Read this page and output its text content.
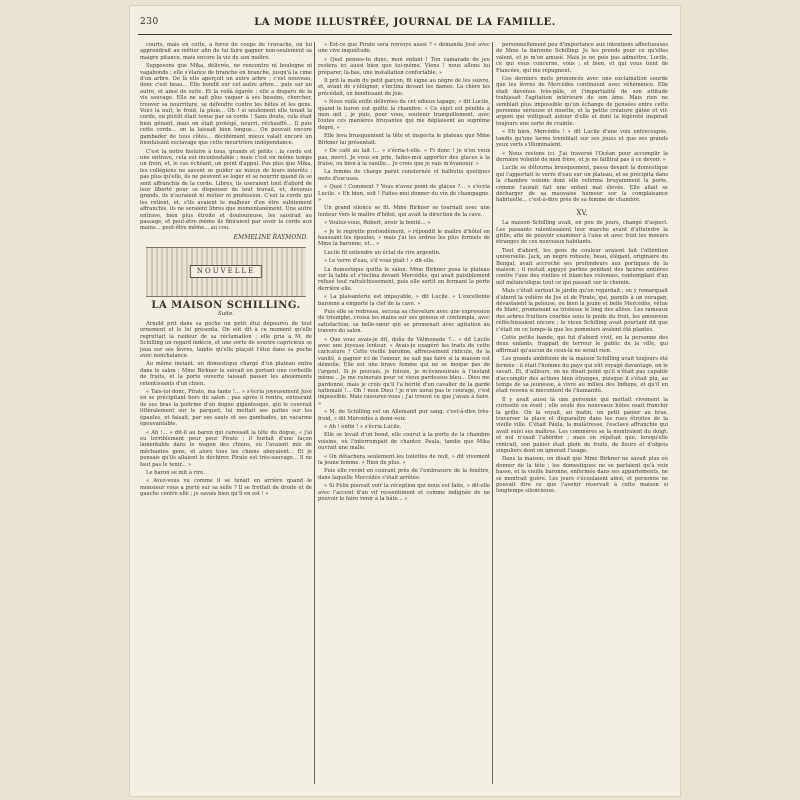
230	LA MODE ILLUSTRÉE, JOURNAL DE LA FAMILLE.

courts, mais en cotte, à force de coups de cravache, on lui apprendrait au mêtier afin de lui faire gagner non-seulement sa maigre pitance, mais encore la vie de son maître.

Supposons que Mika, délivrée, ne rencontre ni boulogne ni vagabonds ; elle s'élance de branche en branche, jusqu'à la cime d'un arbre. De là elle aperçoit un autre arbre ; c'est nouveau, donc c'est beau... Elle bondit sur cet autre arbre... puis sur un autre, et ainsi de suite. Et la voilà égarée ; elle a disparu de la vie sauvage. Elle ne sait plus vaquer à ses besoins, chercher, trouver sa nourriture, se défendre contre les bêtes et les gens. Voici la nuit, le froid, la pluie... Oh ! si seulement elle tenait la corde, ou plutôt était tenue par sa corde ! Sans doute, cela était bien gênant, mais on était protégé, nourri, réchauffé... Il puis cette corde... on la laissait bien longue... On pouvait encore gambader de tous côtés... décidément mieux valait encore un bienfaisant esclavage que cette meurtrière indépendance.

C'est la notre histoire à tous, grands et petits : la corde est une entrave, cela est incontestable ; mais c'est en même temps un frein, et, le cas échéant, un point d'appui. Pas plus que Mika, les collégiens ne savent se guider au mieux de leurs intérêts ; pas plus qu'elle, ils ne peuvent se loger et se nourrir quand ils se sont affranchis de la corde. Libres, ils useraient tout d'abord de leur liberté pour se dispenser de tout travail, et, devenus grands, ils n'auraient ni métier ni profession. C'est la corde qui les retient, et, s'ils avaient le malheur d'en être subitement affranchis, ils ne seraient libres que momentanément. Une autre entrave, bien plus étroite et douloureuse, les saisirait au passage, et peut-être même ils finiraient par avoir la corde aux mains... peut-être même... au cou.

EMMELINE RAYMOND.
NOUVELLE
LA MAISON SCHILLING.
Suite.

Arnold prit dans sa poche un petit étui dépourvu de tout ornement et le lui présenta. On eût dit à ce moment qu'elle regrettait la raideur de sa réclamation ; elle pria à M. de Schilling un regard indécis, et une sorte de sourire capricieux se joua sur ses lèvres, tandis qu'elle plaçait l'étui dans sa poche avec nonchalance.

Au même instant, un domestique chargé d'un plateau entra dans le salon ; Mme Birkner le suivait en portant une corbeille de fruits, et la porte ouverte laissait passer les aboiements retentissants d'un chien.

« Tais-toi donc, Pirate, ma tante !... » s'écria joyeusement José en se précipitant hors du salon ; pas après il rentra, entourant de ses bras la poitrine d'un dogue gigantesque, qui le couvrait littéralement sur le parquet, lui mettait ses pattes sur les épaules, et faisait, par ses sauts et ses gambades, un vacarme épouvantable.

« Ah !... » dit-il au baron qui caressait la tête du dogue, « j'ai eu terriblement peur pour Pirate ; il hurlait d'une façon lamentable dans le wagon des chiens, où l'avaient mis de méchantes gens, et alors tous les chiens aboyaient... Et je pensais qu'ils allaient le déchirer. Pirate est très-sauvage... Il ne faut pas le tenir... »

Le baron se mit à rire.

« Avez-vous vu comme il se tenait en arrière quand le monsieur vous a porté sur sa selle ? Il se frottait de droite et de gauche contre elle ; je savais bien qu'il en est ! »

« Est-ce que Pirate sera renvoyé aussi ? » demanda José avec une vive inquiétude.

« Quel penses-tu donc, mon enfant ! Ton camarade de jeu restera ici aussi bien que toi-même. Viens ! nous allons lui préparer, là-bas, une installation confortable. »

Il prit la main du petit garçon, fit signe au nègre de les suivre, et, avant de s'éloigner, s'inclina devant les dames. La chère les précédait, en bondissant de joie.

« Nous voilà enfin délivrées de cet odieux tapage, » dit Lucile, quand le baron eut quitté la chambre. « Ce sujet est pénible à mon œil ; je puis, pour vous, soutenir tranquillement, avec toutes ces manières bruyantes qui me déplaisent au suprême degré, »

Elle leva brusquement la tête et inspecta le plateau que Mme Birkner lui présentait.

« De café au lait !... » s'écria-t-elle. « Fi donc ! je n'en veux pas, merci. Je vous en prie, faites-moi apporter des glaces à la fraise, ou bien à la vanille... Je crois que je vais m'évanouir. »

La femme de charge parut consternée et balbutia quelques mots d'excuses.

« Quoi ! Comment ? Vous n'avez point de glaces ?... » s'écria Lucile. « Eh bien, soit ! Faites-moi donner du vin de champagne. »

Un grand silence se fit. Mme Birkner se tournait avec une lenteur vers le maître d'hôtel, qui avait la direction de la cave.

« Voulez-vous, Robert, avoir la bonté... »

« Je le regrette profondément, » répondit le maître d'hôtel en haussant les épaules, « mais j'ai les ordres les plus formels de Mme la baronne, et... »

Lucile fit entendre un éclat de rire argentin.

« Le verre d'eau, s'il vous plaît ! » dit-elle.

La domestique quitta le salon. Mme Birkner posa le plateau sur la table et s'inclina devant Mercédès, qui avait paisiblement refusé tout rafraîchissement, puis elle sortit en fermant la porte derrière elle.

« La plaisanterie est impayable, » dit Lucile. « L'excellente baronne a emporté la clef de la cave. »

Puis elle se redressa, secoua sa chevelure avec une expression de triomphe, croisa les mains sur ses genoux et contempla, avec satisfaction, sa belle-sœur qui se promenait avec agitation au travers du salon.

« Que vous avais-je dit, doña de Valmonade ?... » dit Lucile avec une joyeuse lenteur. « Avais-je exagéré les traits de cette caricature ? Cette vieille baronne, affreusement ridicule, de la vanité, à gagner ici de l'amour, ne sait pas faire si la maison est démolie. Elle est une brave femme qui ne se moque pas de l'argent. Si je pouvais, je fuirais, je m'évanouirais à l'instant même... Je me ruinerais pour ce vieux pardessus bleu... Dieu me pardonne, mais je crois qu'il l'a hérité d'un cavalier de la garde nationale !... Oh ! mon Dieu ! je n'en aurai pas le courage, c'est impossible. Mais rassurez-vous ; j'ai trouvé ce que j'avais à faire. »

« M. de Schilling est un Allemand pur sang, c'est-à-dire très-froid, » dit Mercédès à demi-voix.

« Ah ! enfin ! » s'écria Lucile.

Elle se levait d'un bond, elle courut à la porte de la chambre voisine, où l'interrompait de chanter. Paula, tandis que Mika ouvrait une malle.

« On détachera seulement les toilettes de nuit, » dit vivement la jeune femme. « Rien de plus. »

Puis elle revint en courant près de l'embrasure de la fenêtre, dans laquelle Mercédès s'était arrêtée.

« Si Félix pouvait voir la réception qui nous est faite, » dit-elle avec l'accent d'un vif ressentiment et comme indignée de ne pouvoir le faire venir à la hâte... »

personnellement peu d'importance aux intentions affectueuses de Mme la baronne Schilling. Je les prends pour ce qu'elles valent, et je m'en amuse. Mais je ne puis pas admettre, Lucile, ce qui vous concerne, vous ; et bien, et qui vous tient de Fiancées, qui me répugnent.

Ces derniers mots prononcés avec une exclamation sourde que les lèvres de Mercédès continuent avec véhémence. Elle était devenue très-pâle, et l'impartialité de son attitude trahissait l'agitation intérieure de son âme. Mais rien ne semblait plus impossible qu'un échange de pensées entre cette personne sérieuse et muette, et la petite créature gâtée et vif-argent qui voltigeait autour d'elle et dont la légèreté inspirait toujours une sorte de crainte.

« Eh bien, Mercédès ! » dit Lucile d'une voix entrecoupée, tandis qu'une larme tremblait sur ses joues et que ses grands yeux verts s'illuminaient.

« Nous restons ici. J'ai traversé l'Océan pour accomplir la dernière volonté de mon frère, et je ne faillirai pas à ce devoir. »

Lucile se détourna brusquement, passa devant la domestique qui l'apportait le verre d'eau sur un plateau, et se précipita dans la chambre voisine dont elle referma bruyamment la porte, comme l'aurait fait une enfant mal élevée. Elle allait se décharger de sa mauvaise humeur sur la complaisance habituelle... c'est-à-dire près de sa femme de chambre.

XV.

La maison Schilling avait, en peu de jours, changé d'aspect. Les passants ralentissaient leur marche avant d'atteindre la grille, afin de pouvoir examiner à l'aise et avec fruit les moeurs étranges de ces nouveaux habitants.

Tout d'abord, les gens de couleur avaient fait l'attention universelle. Jack, un nègre robuste, beau, élégant, originaire du Bengal, avait accroché ses profondeurs aux portiques de la maison ; il restait appuyé parfois pendant des heures entières contre l'une des vieilles et blanches colonnes, contemplant d'un œil mélancolique tout ce qui passait sur le chemin.

Mais c'était surtout le jardin qu'on regardait ; on y remarquait d'abord la volière de Jos et de Pirate, qui, pareils à un ouragan, dévastaient la pelouse, ou bien la jeune et belle Mercédès, vêtue de blanc, promenant sa tristesse le long des allées. Les rameaux des arbres fruitiers courbés sous le poids du fruit, les amoureux réfléchissaient encore ; le vieux Schilling avait pourtant dit que c'était en ce temps-là que les pommiers avaient été plantés.

Cette petite bande, qui fut d'abord vivif, en la personne des deux enfants, frappait de terreur le public de la ville, qui affirmait qu'aucun de ceux-là ne serait rien.

Les grands ambitions de la maison Schilling avait toujours été fermée : il était l'homme du pays qui eût voyagé davantage, on le savait. Et, d'ailleurs, on ne disait point qu'il n'était pas capable d'accomplir des actions bien étranges, puisque il s'était plu, au temps de sa jeunesse, à vivre au milieu des Indiens, et qu'il en était revenu si mécontent de l'humanité.

Il y avait aussi là une personne qui mettait vivement la curiosité en éveil ; elle seule des nouveaux hôtes osait franchir la grille. On la voyait, au matin, un petit panier au bras, traverser la place et disparaître dans les rues étroites de la vieille ville. C'était Paula, la mulâtresse, l'esclave affranchie qui avait suivi ses maîtres. Les commères se la montraient du doigt, et nul n'osait l'aborder ; mais on répétait que, lorsqu'elle rentrait, son panier était plein de fruits, de fleurs et d'objets singuliers dont on ignorait l'usage.

Dans la maison, on disait que Mme Birkner ne savait plus où donner de la tête ; les domestiques ne se parlaient qu'à voix basse, et la vieille baronne, enfermée dans ses appartements, ne se montrait guère. Les jours s'écoulaient ainsi, et personne ne pouvait dire ce que l'avenir réservait à cette maison si longtemps silencieuse.
